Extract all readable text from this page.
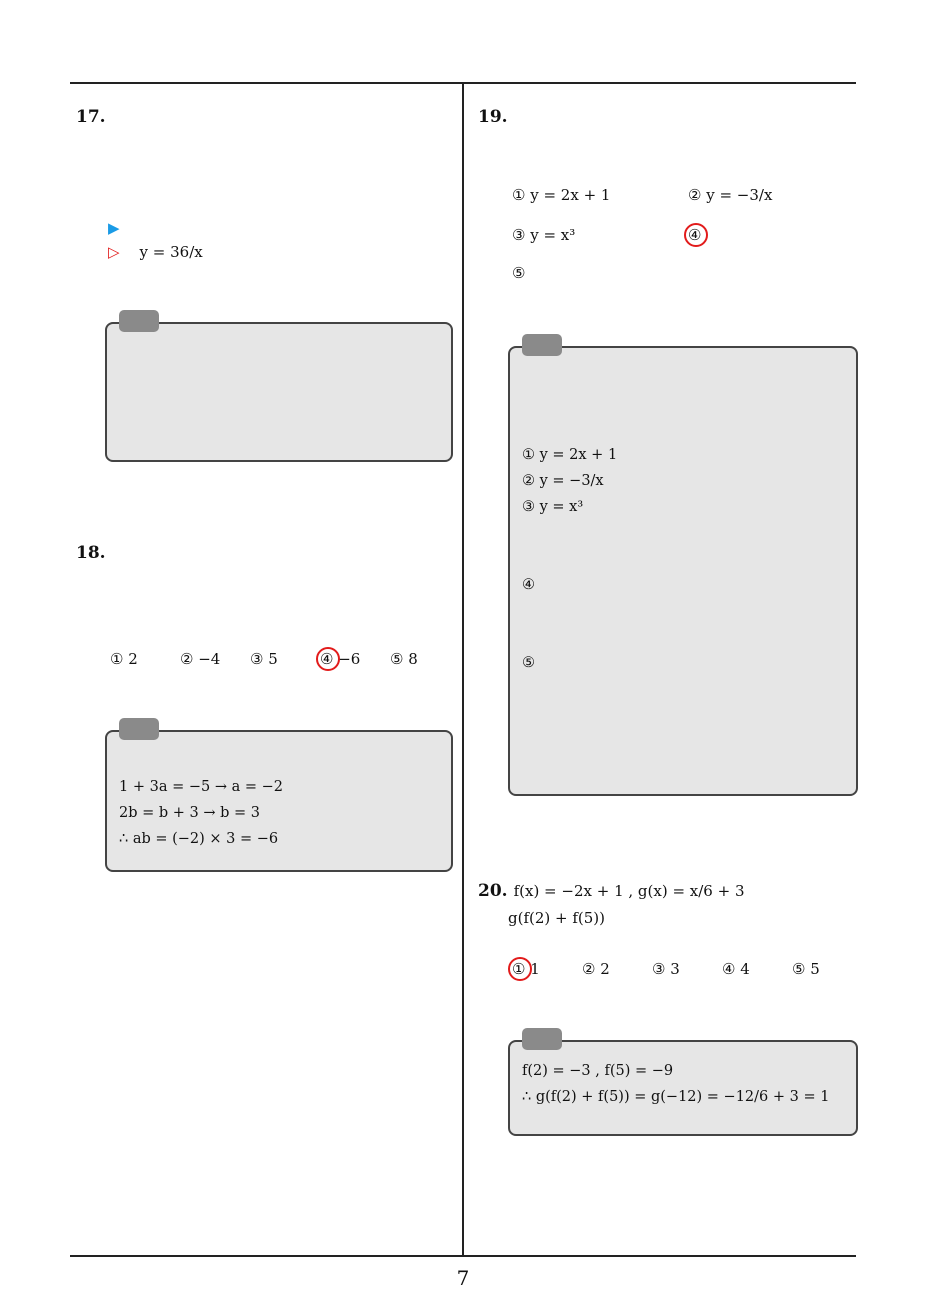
7
17.
▶
▷ y = 36/x
18.
① 2	② −4 ③ 5	④ −6 ⑤ 8
1 + 3a = −5 → a = −2
2b = b + 3 → b = 3
∴ ab = (−2) × 3 = −6
19.
① y = 2x + 1	② y = −3/x
③ y = x³	④
⑤
① y = 2x + 1
② y = −3/x
③ y = x³
④
⑤
20. f(x) = −2x + 1 , g(x) = x/6 + 3
g(f(2) + f(5))
① 1	② 2	③ 3	④ 4	⑤ 5
f(2) = −3 , f(5) = −9
∴ g(f(2) + f(5)) = g(−12) = −12/6 + 3 = 1
